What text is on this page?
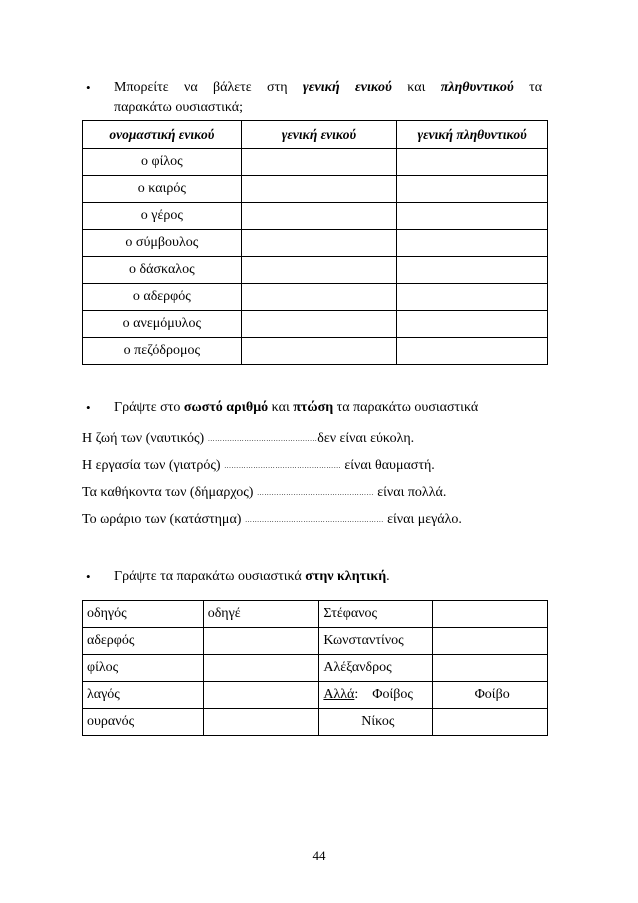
• Μπορείτε να βάλετε στη γενική ενικού και πληθυντικού τα
παρακάτω ουσιαστικά;
ονομαστική ενικού	γενική ενικού	γενική πληθυντικού
ο φίλος		
ο καιρός		
ο γέρος		
ο σύμβουλος		
ο δάσκαλος		
ο αδερφός		
ο ανεμόμυλος		
ο πεζόδρομος		
• Γράψτε στο σωστό αριθμό και πτώση τα παρακάτω ουσιαστικά
Η ζωή των (ναυτικός) ………………………………………δεν είναι εύκολη.
Η εργασία των (γιατρός) ………………………………………… είναι θαυμαστή.
Τα καθήκοντα των (δήμαρχος) ………………………………………… είναι πολλά.
Το ωράριο των (κατάστημα) ………………………………………………… είναι μεγάλο.
• Γράψτε τα παρακάτω ουσιαστικά στην κλητική.
οδηγός	οδηγέ	Στέφανος	
αδερφός		Κωνσταντίνος	
φίλος		Αλέξανδρος	
λαγός		Αλλά: Φοίβος	Φοίβο
ουρανός		Νίκος	
44
